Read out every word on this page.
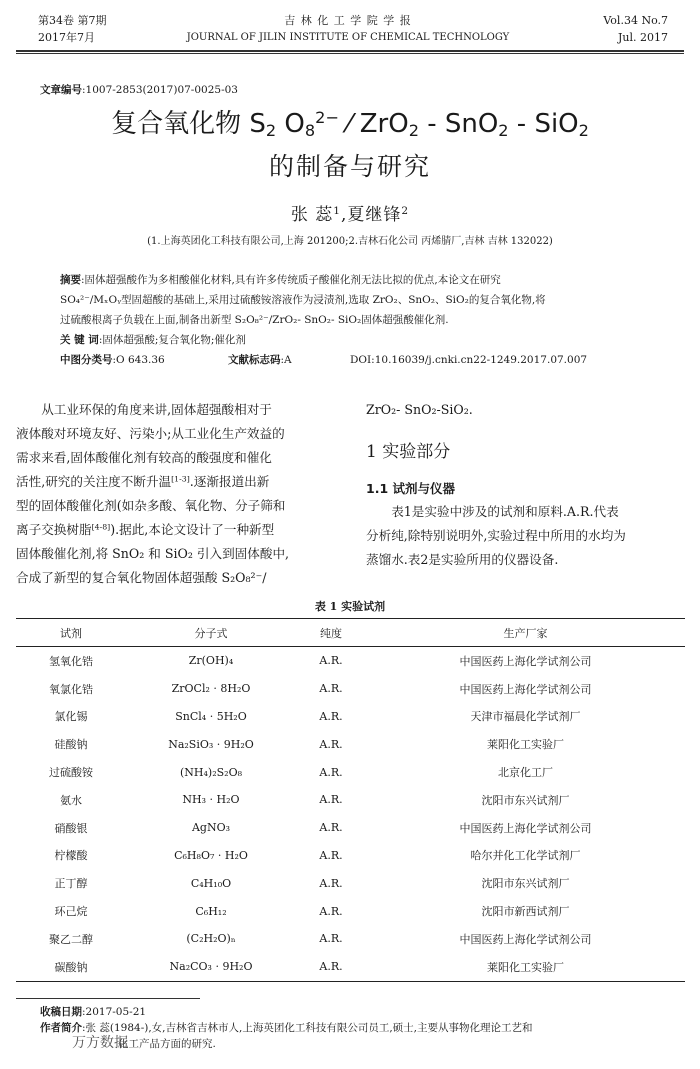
第34卷 第7期
2017年7月
吉 林 化 工 学 院 学 报
JOURNAL OF JILIN INSTITUTE OF CHEMICAL TECHNOLOGY
Vol.34 No.7
Jul. 2017
文章编号:1007-2853(2017)07-0025-03
复合氧化物 $S_2$ $O_8^{2-}$ ⁄ ZrO$_2$ - SnO$_2$ - SiO$_2$
的制备与研究
张 蕊$^1$,夏继锋$^2$
(1.上海英团化工科技有限公司,上海 201200;2.吉林石化公司 丙烯腈厂,吉林 吉林 132022)
摘要:固体超强酸作为多相酸催化材料,具有许多传统质子酸催化剂无法比拟的优点,本论文在研究
SO₄²⁻/MₓOᵧ型固超酸的基础上,采用过硫酸铵溶液作为浸渍剂,选取 ZrO₂、SnO₂、SiO₂的复合氧化物,将
过硫酸根离子负载在上面,制备出新型 S₂O₈²⁻/ZrO₂- SnO₂- SiO₂固体超强酸催化剂.
关 键 词:固体超强酸;复合氧化物;催化剂
中图分类号:O 643.36	文献标志码:A	DOI:10.16039/j.cnki.cn22-1249.2017.07.007
从工业环保的角度来讲,固体超强酸相对于
液体酸对环境友好、污染小;从工业化生产效益的
需求来看,固体酸催化剂有较高的酸强度和催化
活性,研究的关注度不断升温[1-3].逐渐报道出新
型的固体酸催化剂(如杂多酸、氧化物、分子筛和
离子交换树脂[4-8]).据此,本论文设计了一种新型
固体酸催化剂,将 SnO₂ 和 SiO₂ 引入到固体酸中,
合成了新型的复合氧化物固体超强酸 S₂O₈²⁻/
ZrO₂- SnO₂-SiO₂.
1 实验部分
1.1 试剂与仪器
表1是实验中涉及的试剂和原料.A.R.代表
分析纯,除特别说明外,实验过程中所用的水均为
蒸馏水.表2是实验所用的仪器设备.
表 1 实验试剂
试剂	分子式	纯度	生产厂家
氢氧化锆	Zr(OH)₄	A.R.	中国医药上海化学试剂公司
氧氯化锆	ZrOCl₂ · 8H₂O	A.R.	中国医药上海化学试剂公司
氯化锡	SnCl₄ · 5H₂O	A.R.	天津市福晨化学试剂厂
硅酸钠	Na₂SiO₃ · 9H₂O	A.R.	莱阳化工实验厂
过硫酸铵	(NH₄)₂S₂O₈	A.R.	北京化工厂
氨水	NH₃ · H₂O	A.R.	沈阳市东兴试剂厂
硝酸银	AgNO₃	A.R.	中国医药上海化学试剂公司
柠檬酸	C₆H₈O₇ · H₂O	A.R.	哈尔并化工化学试剂厂
正丁醇	C₄H₁₀O	A.R.	沈阳市东兴试剂厂
环己烷	C₆H₁₂	A.R.	沈阳市新西试剂厂
聚乙二醇	(C₂H₂O)ₙ	A.R.	中国医药上海化学试剂公司
碳酸钠	Na₂CO₃ · 9H₂O	A.R.	莱阳化工实验厂
收稿日期:2017-05-21
作者简介:张 蕊(1984-),女,吉林省吉林市人,上海英团化工科技有限公司员工,硕士,主要从事物化理论工艺和
化工产品方面的研究.
万方数据
